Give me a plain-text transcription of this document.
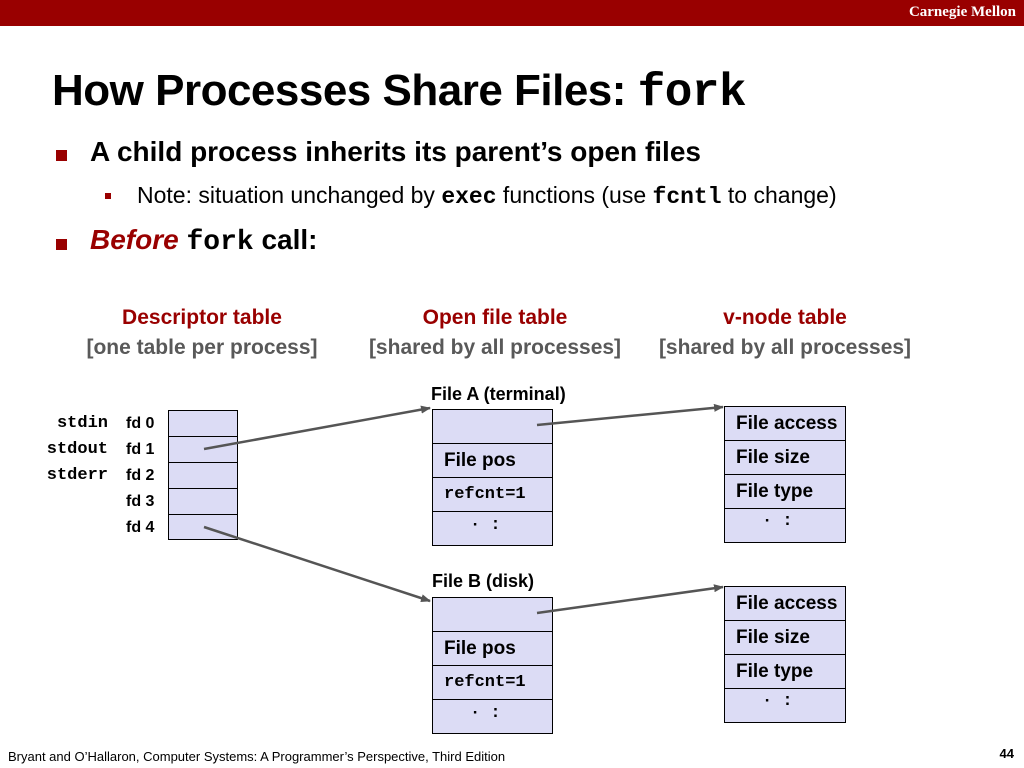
Carnegie Mellon
How Processes Share Files: fork
A child process inherits its parent’s open files
Note: situation unchanged by exec functions (use fcntl to change)
Before fork call:
Descriptor table
[one table per process]
Open file table
[shared by all processes]
v-node table
[shared by all processes]
stdin
stdout
stderr
fd 0
fd 1
fd 2
fd 3
fd 4
File A (terminal)
File pos
refcnt=1
· :
File B (disk)
File pos
refcnt=1
· :
File access
File size
File type
· :
File access
File size
File type
· :
Bryant and O’Hallaron, Computer Systems: A Programmer’s Perspective, Third Edition	44
